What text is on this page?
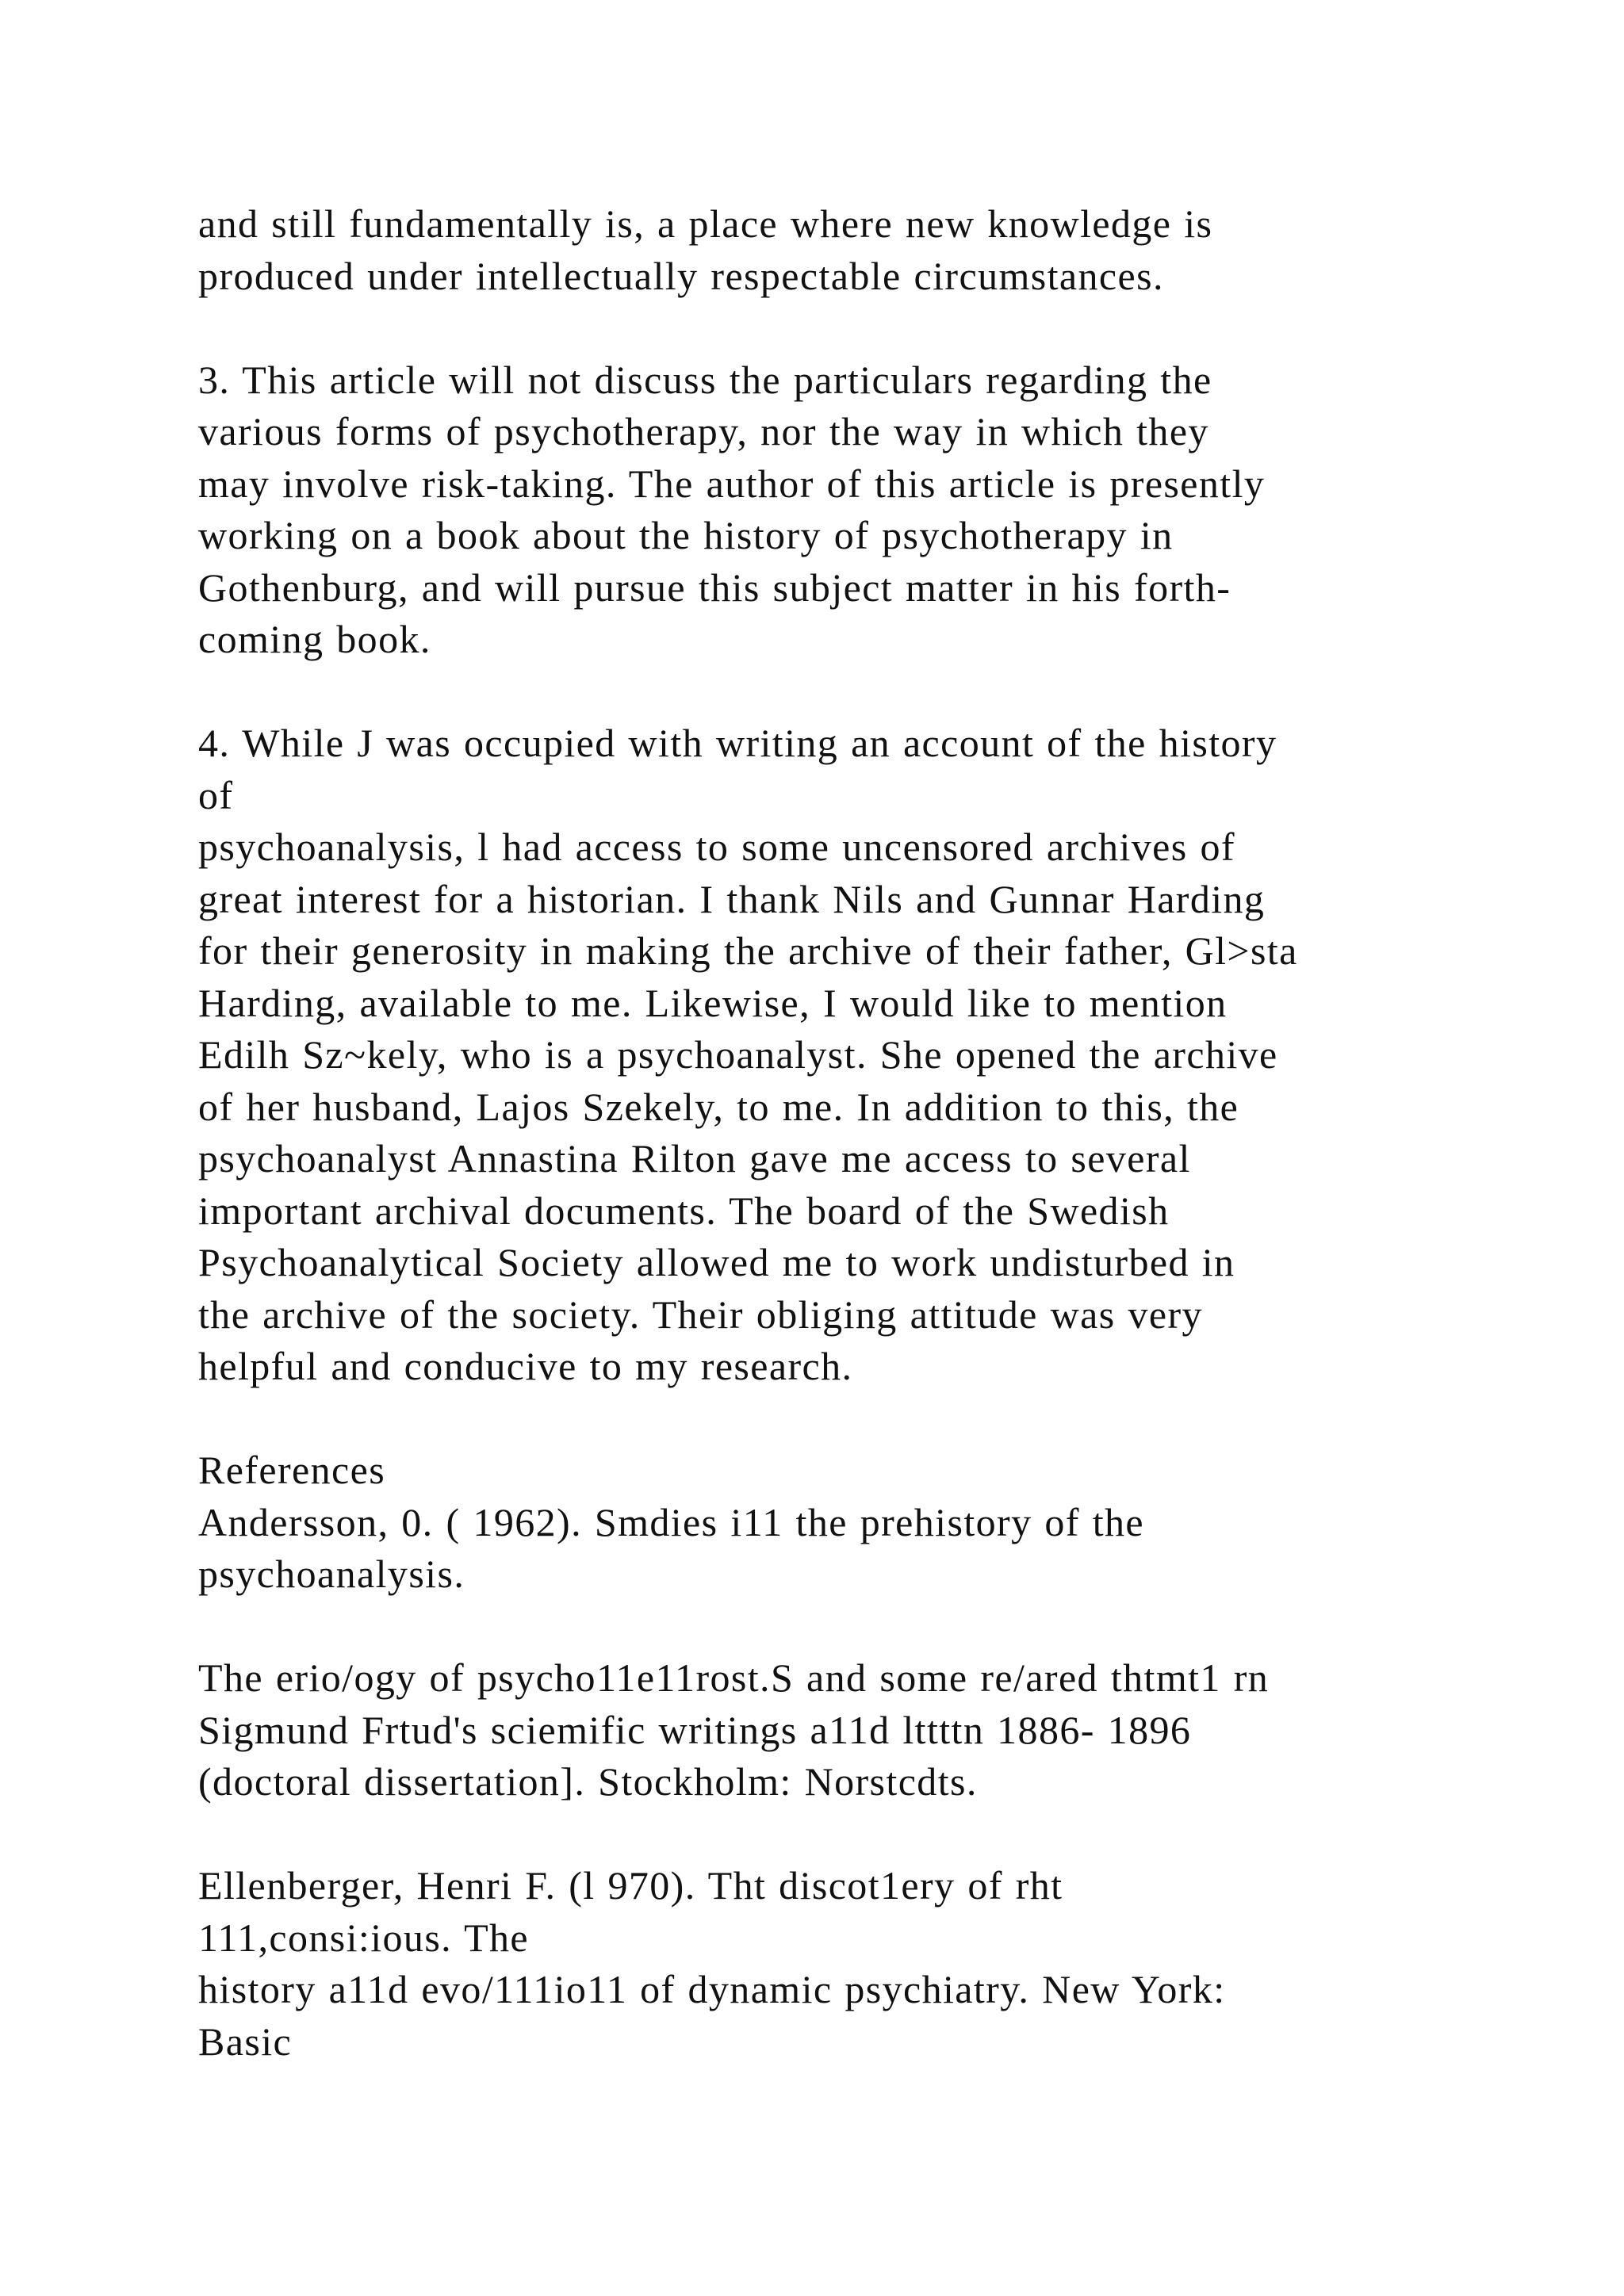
and still fundamentally is, a place where new knowledge is
produced under intellectually respectable circumstances.
3. This article will not discuss the particulars regarding the
various forms of psychotherapy, nor the way in which they
may involve risk-taking. The author of this article is presently
working on a book about the history of psychotherapy in
Gothenburg, and will pursue this subject matter in his forth-
coming book.
4. While J was occupied with writing an account of the history
of
psychoanalysis, l had access to some uncensored archives of
great interest for a historian. I thank Nils and Gunnar Harding
for their generosity in making the archive of their father, Gl>sta
Harding, available to me. Likewise, I would like to mention
Edilh Sz~kely, who is a psychoanalyst. She opened the archive
of her husband, Lajos Szekely, to me. In addition to this, the
psychoanalyst Annastina Rilton gave me access to several
important archival documents. The board of the Swedish
Psychoanalytical Society allowed me to work undisturbed in
the archive of the society. Their obliging attitude was very
helpful and conducive to my research.
References
Andersson, 0. ( 1962). Smdies i11 the prehistory of the
psychoanalysis.
The erio/ogy of psycho11e11rost.S and some re/ared thtmt1 rn
Sigmund Frtud's sciemific writings a11d lttttn 1886- 1896
(doctoral dissertation]. Stockholm: Norstcdts.
Ellenberger, Henri F. (l 970). Tht discot1ery of rht
111,consi:ious. The
history a11d evo/111io11 of dynamic psychiatry. New York:
Basic
